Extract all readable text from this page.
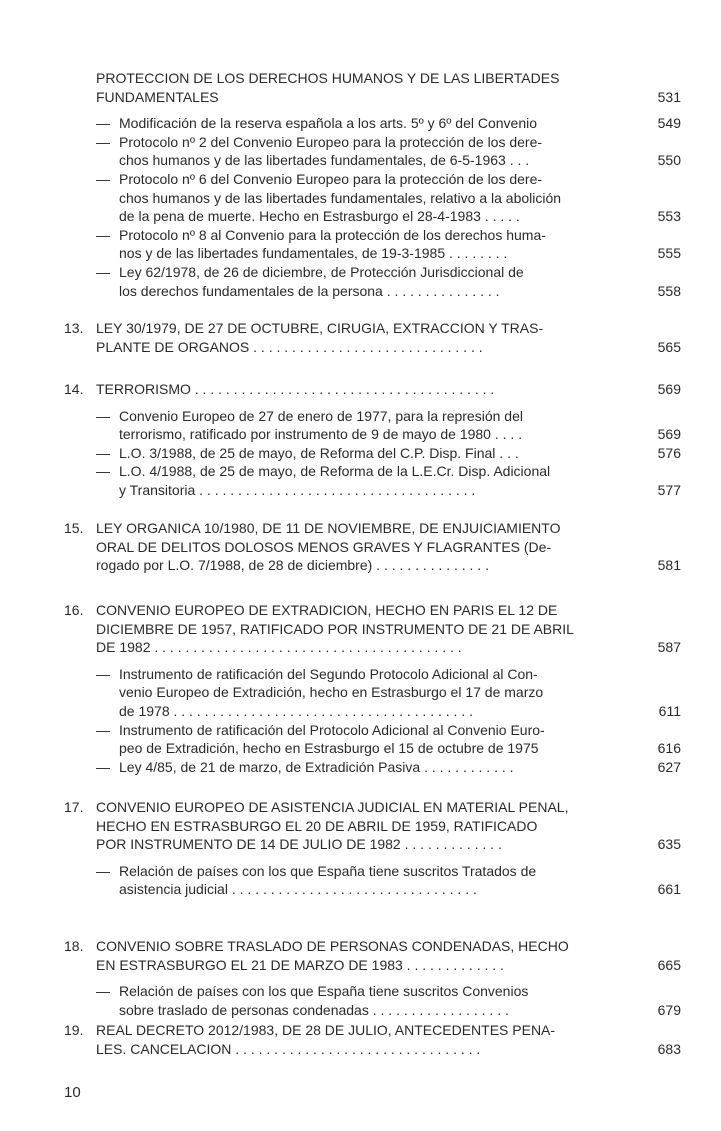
PROTECCION DE LOS DERECHOS HUMANOS Y DE LAS LIBERTADES
FUNDAMENTALES	531
— Modificación de la reserva española a los arts. 5º y 6º del Convenio	549
— Protocolo nº 2 del Convenio Europeo para la protección de los dere-
chos humanos y de las libertades fundamentales, de 6-5-1963 . . .	550
— Protocolo nº 6 del Convenio Europeo para la protección de los dere-
chos humanos y de las libertades fundamentales, relativo a la abolición
de la pena de muerte. Hecho en Estrasburgo el 28-4-1983 . . . . .	553
— Protocolo nº 8 al Convenio para la protección de los derechos huma-
nos y de las libertades fundamentales, de 19-3-1985 . . . . . . . .	555
— Ley 62/1978, de 26 de diciembre, de Protección Jurisdiccional de
los derechos fundamentales de la persona . . . . . . . . . . . . . . .	558
13. LEY 30/1979, DE 27 DE OCTUBRE, CIRUGIA, EXTRACCION Y TRAS-
PLANTE DE ORGANOS . . . . . . . . . . . . . . . . . . . . . . . . . . . . . .	565
14. TERRORISMO . . . . . . . . . . . . . . . . . . . . . . . . . . . . . . . . . . . . . . .	569
— Convenio Europeo de 27 de enero de 1977, para la represión del
terrorismo, ratificado por instrumento de 9 de mayo de 1980 . . . .	569
— L.O. 3/1988, de 25 de mayo, de Reforma del C.P. Disp. Final . . .	576
— L.O. 4/1988, de 25 de mayo, de Reforma de la L.E.Cr. Disp. Adicional
y Transitoria . . . . . . . . . . . . . . . . . . . . . . . . . . . . . . . . . . . .	577
15. LEY ORGANICA 10/1980, DE 11 DE NOVIEMBRE, DE ENJUICIAMIENTO
ORAL DE DELITOS DOLOSOS MENOS GRAVES Y FLAGRANTES (De-
rogado por L.O. 7/1988, de 28 de diciembre) . . . . . . . . . . . . . . .	581
16. CONVENIO EUROPEO DE EXTRADICION, HECHO EN PARIS EL 12 DE
DICIEMBRE DE 1957, RATIFICADO POR INSTRUMENTO DE 21 DE ABRIL
DE 1982 . . . . . . . . . . . . . . . . . . . . . . . . . . . . . . . . . . . . . . . .	587
— Instrumento de ratificación del Segundo Protocolo Adicional al Con-
venio Europeo de Extradición, hecho en Estrasburgo el 17 de marzo
de 1978 . . . . . . . . . . . . . . . . . . . . . . . . . . . . . . . . . . . . . . .	611
— Instrumento de ratificación del Protocolo Adicional al Convenio Euro-
peo de Extradición, hecho en Estrasburgo el 15 de octubre de 1975	616
— Ley 4/85, de 21 de marzo, de Extradición Pasiva . . . . . . . . . . . .	627
17. CONVENIO EUROPEO DE ASISTENCIA JUDICIAL EN MATERIAL PENAL,
HECHO EN ESTRASBURGO EL 20 DE ABRIL DE 1959, RATIFICADO
POR INSTRUMENTO DE 14 DE JULIO DE 1982 . . . . . . . . . . . . .	635
— Relación de países con los que España tiene suscritos Tratados de
asistencia judicial . . . . . . . . . . . . . . . . . . . . . . . . . . . . . . . .	661
18. CONVENIO SOBRE TRASLADO DE PERSONAS CONDENADAS, HECHO
EN ESTRASBURGO EL 21 DE MARZO DE 1983 . . . . . . . . . . . . .	665
— Relación de países con los que España tiene suscritos Convenios
sobre traslado de personas condenadas . . . . . . . . . . . . . . . . . .	679
19. REAL DECRETO 2012/1983, DE 28 DE JULIO, ANTECEDENTES PENA-
LES. CANCELACION . . . . . . . . . . . . . . . . . . . . . . . . . . . . . . . .	683
10
